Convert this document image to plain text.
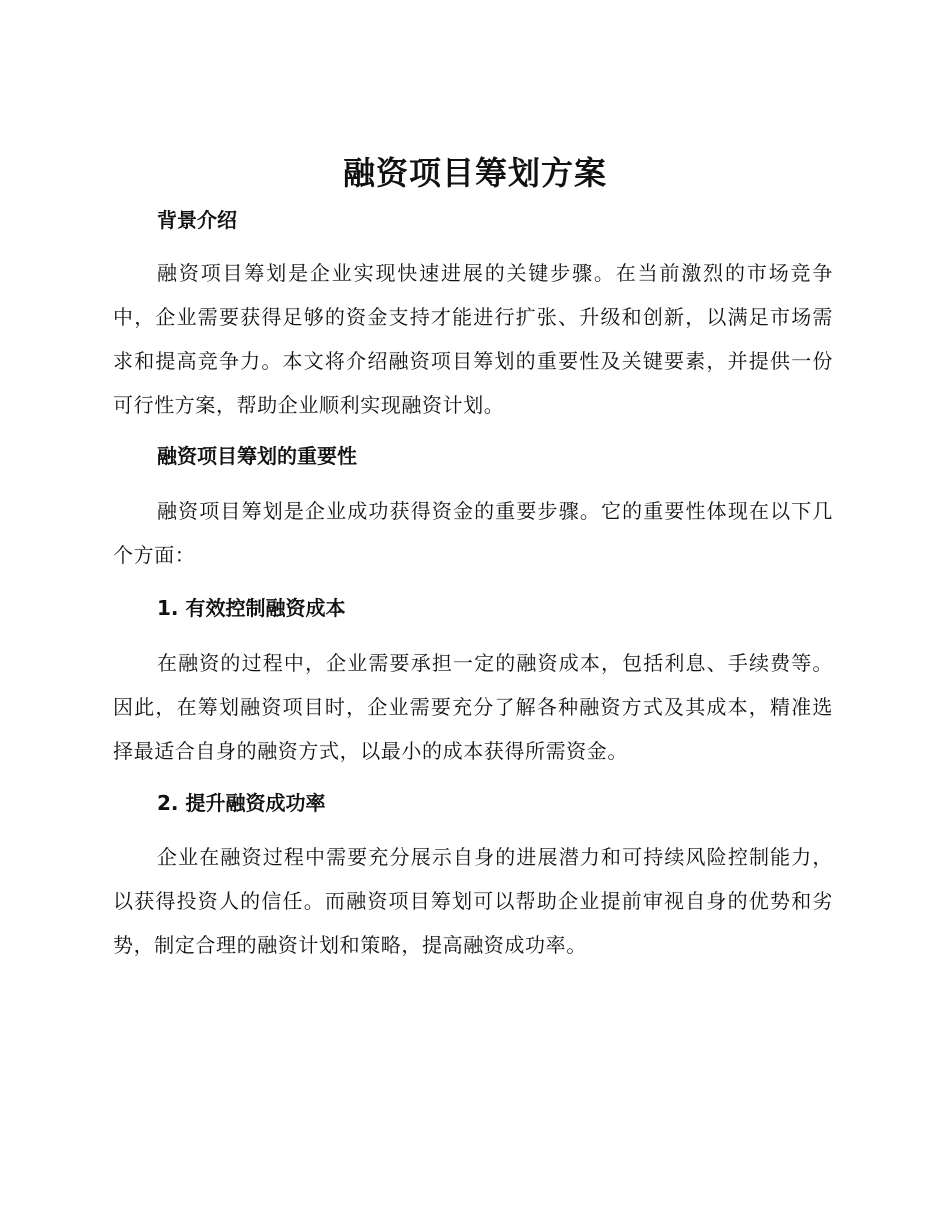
融资项目筹划方案
背景介绍

融资项目筹划是企业实现快速进展的关键步骤。在当前激烈的市场竞争中，企业需要获得足够的资金支持才能进行扩张、升级和创新，以满足市场需求和提高竞争力。本文将介绍融资项目筹划的重要性及关键要素，并提供一份可行性方案，帮助企业顺利实现融资计划。

融资项目筹划的重要性

融资项目筹划是企业成功获得资金的重要步骤。它的重要性体现在以下几个方面：

1. 有效控制融资成本

在融资的过程中，企业需要承担一定的融资成本，包括利息、手续费等。因此，在筹划融资项目时，企业需要充分了解各种融资方式及其成本，精准选择最适合自身的融资方式，以最小的成本获得所需资金。

2. 提升融资成功率

企业在融资过程中需要充分展示自身的进展潜力和可持续风险控制能力，以获得投资人的信任。而融资项目筹划可以帮助企业提前审视自身的优势和劣势，制定合理的融资计划和策略，提高融资成功率。
